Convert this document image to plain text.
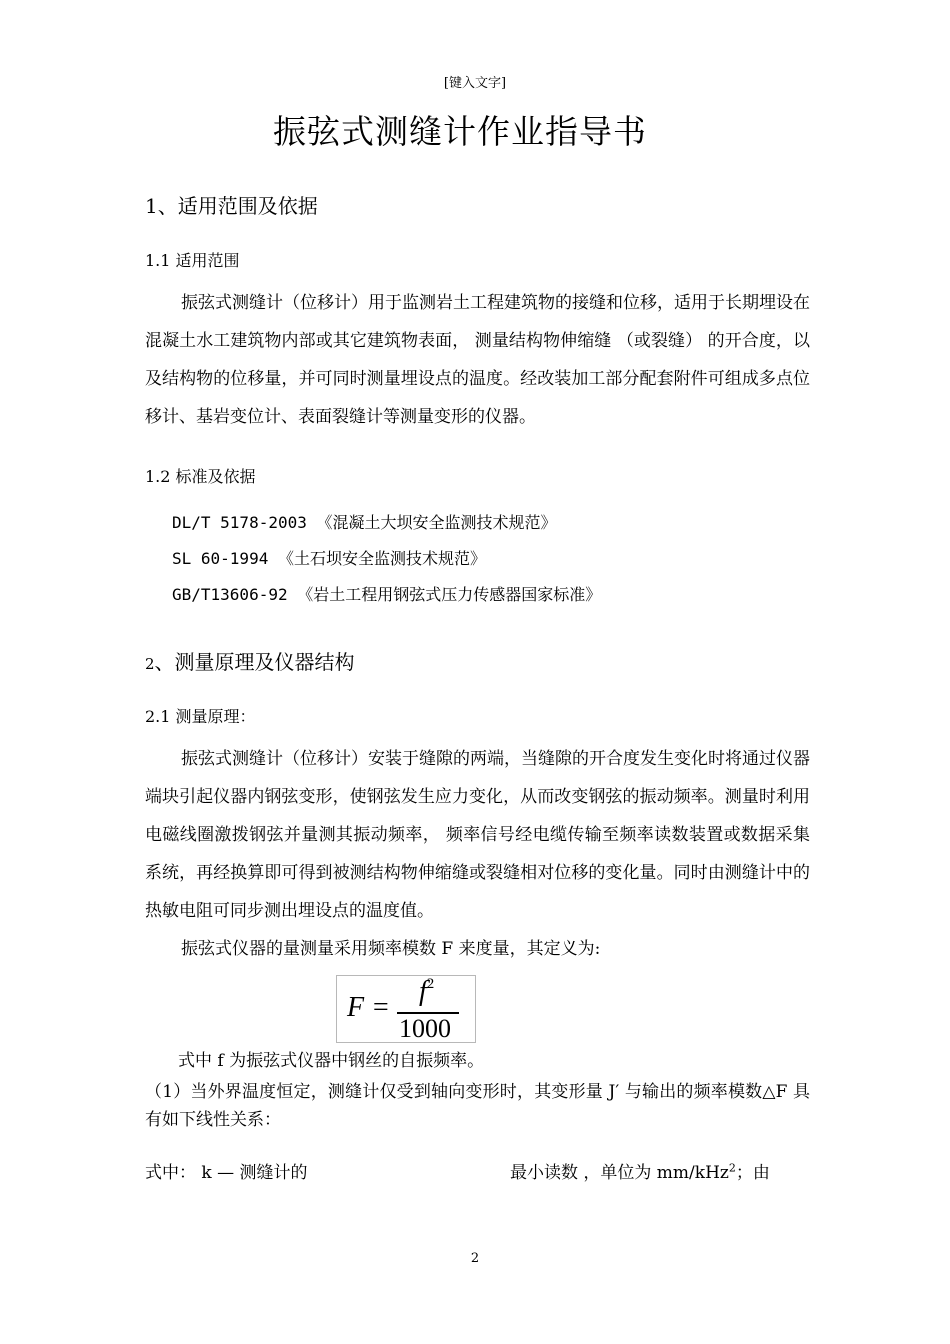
[键入文字]
振弦式测缝计作业指导书
1、适用范围及依据
1.1 适用范围

振弦式测缝计（位移计）用于监测岩土工程建筑物的接缝和位移，适用于长期埋设在混凝土水工建筑物内部或其它建筑物表面， 测量结构物伸缩缝 （或裂缝） 的开合度，以及结构物的位移量，并可同时测量埋设点的温度。经改装加工部分配套附件可组成多点位移计、基岩变位计、表面裂缝计等测量变形的仪器。

1.2 标准及依据
DL/T 5178-2003 《混凝土大坝安全监测技术规范》
SL 60-1994 《土石坝安全监测技术规范》
GB/T13606-92 《岩土工程用钢弦式压力传感器国家标准》
2、测量原理及仪器结构
2.1 测量原理：

振弦式测缝计（位移计）安装于缝隙的两端，当缝隙的开合度发生变化时将通过仪器端块引起仪器内钢弦变形，使钢弦发生应力变化，从而改变钢弦的振动频率。测量时利用电磁线圈激拨钢弦并量测其振动频率， 频率信号经电缆传输至频率读数装置或数据采集系统，再经换算即可得到被测结构物伸缩缝或裂缝相对位移的变化量。同时由测缝计中的热敏电阻可同步测出埋设点的温度值。

振弦式仪器的量测量采用频率模数 F 来度量，其定义为:

F =
$f^2$
1000
式中 f 为振弦式仪器中钢丝的自振频率。

（1）当外界温度恒定，测缝计仅受到轴向变形时，其变形量 J′ 与输出的频率模数△F 具有如下线性关系：

式中： k — 测缝计的	最小读数 ，单位为 mm/kHz$^2$；由
2
